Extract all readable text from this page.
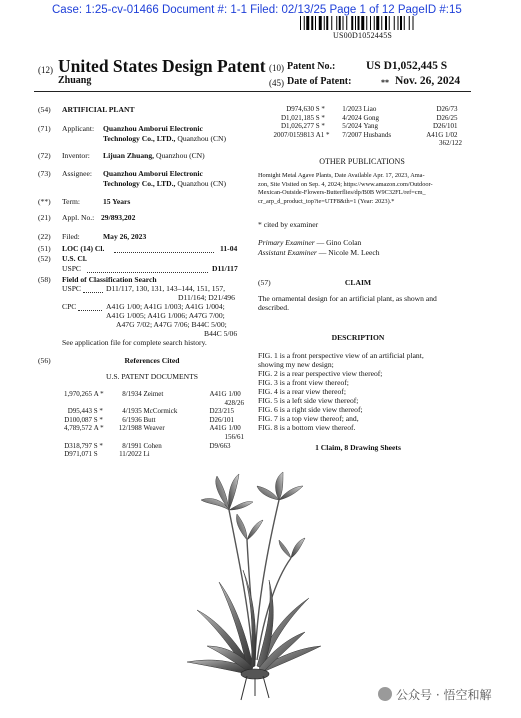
Case: 1:25-cv-01466 Document #: 1-1 Filed: 02/13/25 Page 1 of 12 PageID #:15
US00D1052445S
(12) United States Design Patent
Zhuang
(10) Patent No.:	US D1,052,445 S
(45) Date of Patent:	** Nov. 26, 2024
(54) ARTIFICIAL PLANT
(71) Applicant: Quanzhou Amborui Electronic
Technology Co., LTD., Quanzhou (CN)
(72) Inventor: Lijuan Zhuang, Quanzhou (CN)
(73) Assignee: Quanzhou Amborui Electronic
Technology Co., LTD., Quanzhou (CN)
(**) Term:	15 Years
(21) Appl. No.: 29/893,202
(22) Filed:	May 26, 2023
(51) LOC (14) Cl.	11-04
(52) U.S. Cl.
USPC	D11/117
(58) Field of Classification Search
USPC	D11/117, 130, 131, 143–144, 151, 157,
D11/164; D21/496
CPC	A41G 1/00; A41G 1/003; A41G 1/004;
A41G 1/005; A41G 1/006; A47G 7/00;
A47G 7/02; A47G 7/06; B44C 5/00;
B44C 5/06
See application file for complete search history.
(56)	References Cited
U.S. PATENT DOCUMENTS
1,970,265 A *	8/1934 Zeimet	A41G 1/00
428/26
D95,443 S *	4/1935 McCormick	D23/215
D100,087 S *	6/1936 Butt	D26/101
4,789,572 A * 12/1988 Weaver	A41G 1/00
156/61
D318,797 S *	8/1991 Cohen	D9/663
D971,071 S	11/2022 Li
D974,630 S * 1/2023 Liao	D26/73
D1,021,185 S * 4/2024 Gong	D26/25
D1,026,277 S * 5/2024 Yang	D26/101
2007/0159813 A1 * 7/2007 Husbands	A41G 1/02
362/122
OTHER PUBLICATIONS
Homight Metal Agave Plants, Date Available Apr. 17, 2023, Ama-
zon, Site Visited on Sep. 4, 2024; https://www.amazon.com/Outdoor-
Mexican-Outside-Flowers-Butterflies/dp/B0B W9C32FL/ref=cm_
cr_arp_d_product_top?ie=UTF8&th=1 (Year: 2023).*
* cited by examiner
Primary Examiner — Gino Colan
Assistant Examiner — Nicole M. Leech
(57)	CLAIM
The ornamental design for an artificial plant, as shown and
described.
DESCRIPTION
FIG. 1 is a front perspective view of an artificial plant,
showing my new design;
FIG. 2 is a rear perspective view thereof;
FIG. 3 is a front view thereof;
FIG. 4 is a rear view thereof;
FIG. 5 is a left side view thereof;
FIG. 6 is a right side view thereof;
FIG. 7 is a top view thereof; and,
FIG. 8 is a bottom view thereof.
1 Claim, 8 Drawing Sheets
公众号 · 悟空和解
